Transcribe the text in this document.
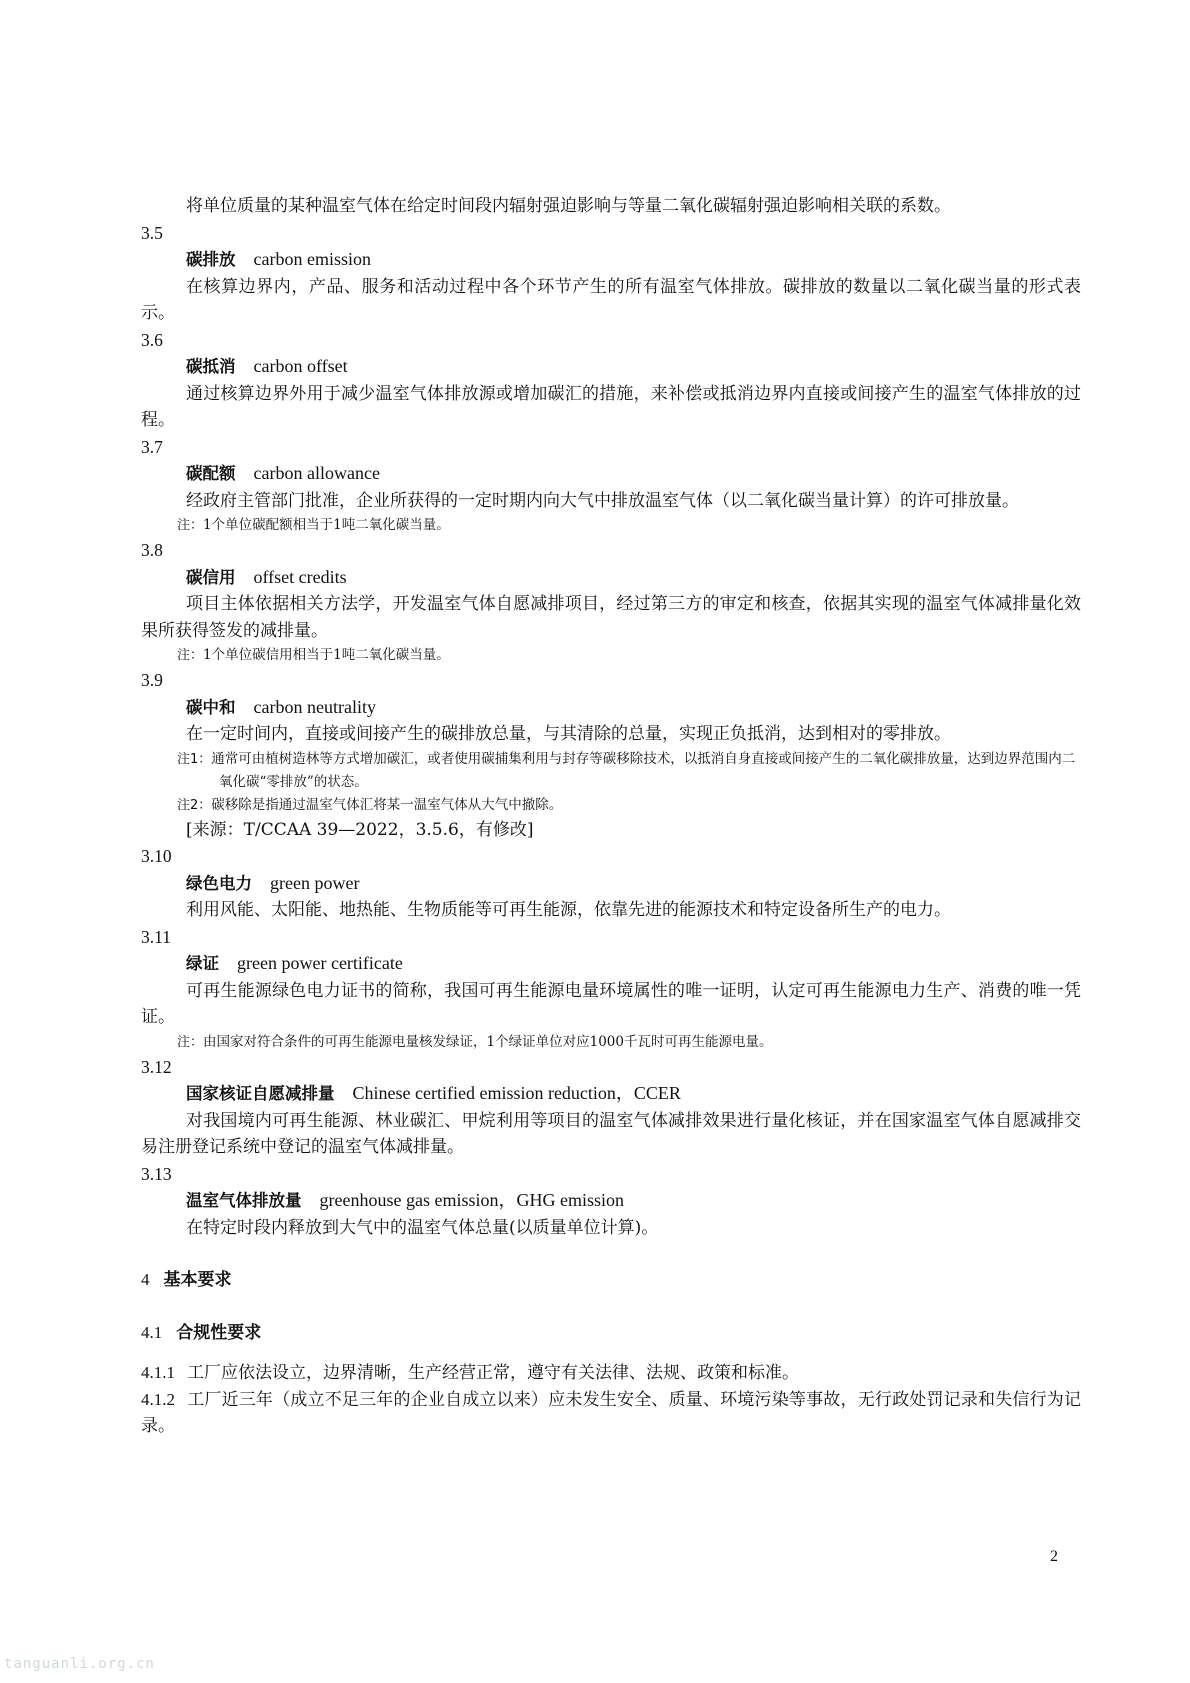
将单位质量的某种温室气体在给定时间段内辐射强迫影响与等量二氧化碳辐射强迫影响相关联的系数。

3.5

碳排放 carbon emission

在核算边界内，产品、服务和活动过程中各个环节产生的所有温室气体排放。碳排放的数量以二氧化碳当量的形式表示。

3.6

碳抵消 carbon offset

通过核算边界外用于减少温室气体排放源或增加碳汇的措施，来补偿或抵消边界内直接或间接产生的温室气体排放的过程。

3.7

碳配额 carbon allowance

经政府主管部门批准，企业所获得的一定时期内向大气中排放温室气体（以二氧化碳当量计算）的许可排放量。

注：1个单位碳配额相当于1吨二氧化碳当量。

3.8

碳信用 offset credits

项目主体依据相关方法学，开发温室气体自愿减排项目，经过第三方的审定和核查，依据其实现的温室气体减排量化效果所获得签发的减排量。

注：1个单位碳信用相当于1吨二氧化碳当量。

3.9

碳中和 carbon neutrality

在一定时间内，直接或间接产生的碳排放总量，与其清除的总量，实现正负抵消，达到相对的零排放。

注1：通常可由植树造林等方式增加碳汇，或者使用碳捕集利用与封存等碳移除技术，以抵消自身直接或间接产生的二氧化碳排放量，达到边界范围内二氧化碳“零排放”的状态。

注2：碳移除是指通过温室气体汇将某一温室气体从大气中撤除。

[来源：T/CCAA 39—2022，3.5.6，有修改]

3.10

绿色电力 green power

利用风能、太阳能、地热能、生物质能等可再生能源，依靠先进的能源技术和特定设备所生产的电力。

3.11

绿证 green power certificate

可再生能源绿色电力证书的简称，我国可再生能源电量环境属性的唯一证明，认定可再生能源电力生产、消费的唯一凭证。

注：由国家对符合条件的可再生能源电量核发绿证，1个绿证单位对应1000千瓦时可再生能源电量。

3.12

国家核证自愿减排量 Chinese certified emission reduction，CCER

对我国境内可再生能源、林业碳汇、甲烷利用等项目的温室气体减排效果进行量化核证，并在国家温室气体自愿减排交易注册登记系统中登记的温室气体减排量。

3.13

温室气体排放量 greenhouse gas emission，GHG emission

在特定时段内释放到大气中的温室气体总量(以质量单位计算)。

4 基本要求

4.1 合规性要求

4.1.1 工厂应依法设立，边界清晰，生产经营正常，遵守有关法律、法规、政策和标准。

4.1.2 工厂近三年（成立不足三年的企业自成立以来）应未发生安全、质量、环境污染等事故，无行政处罚记录和失信行为记录。

2
tanguanli.org.cn
